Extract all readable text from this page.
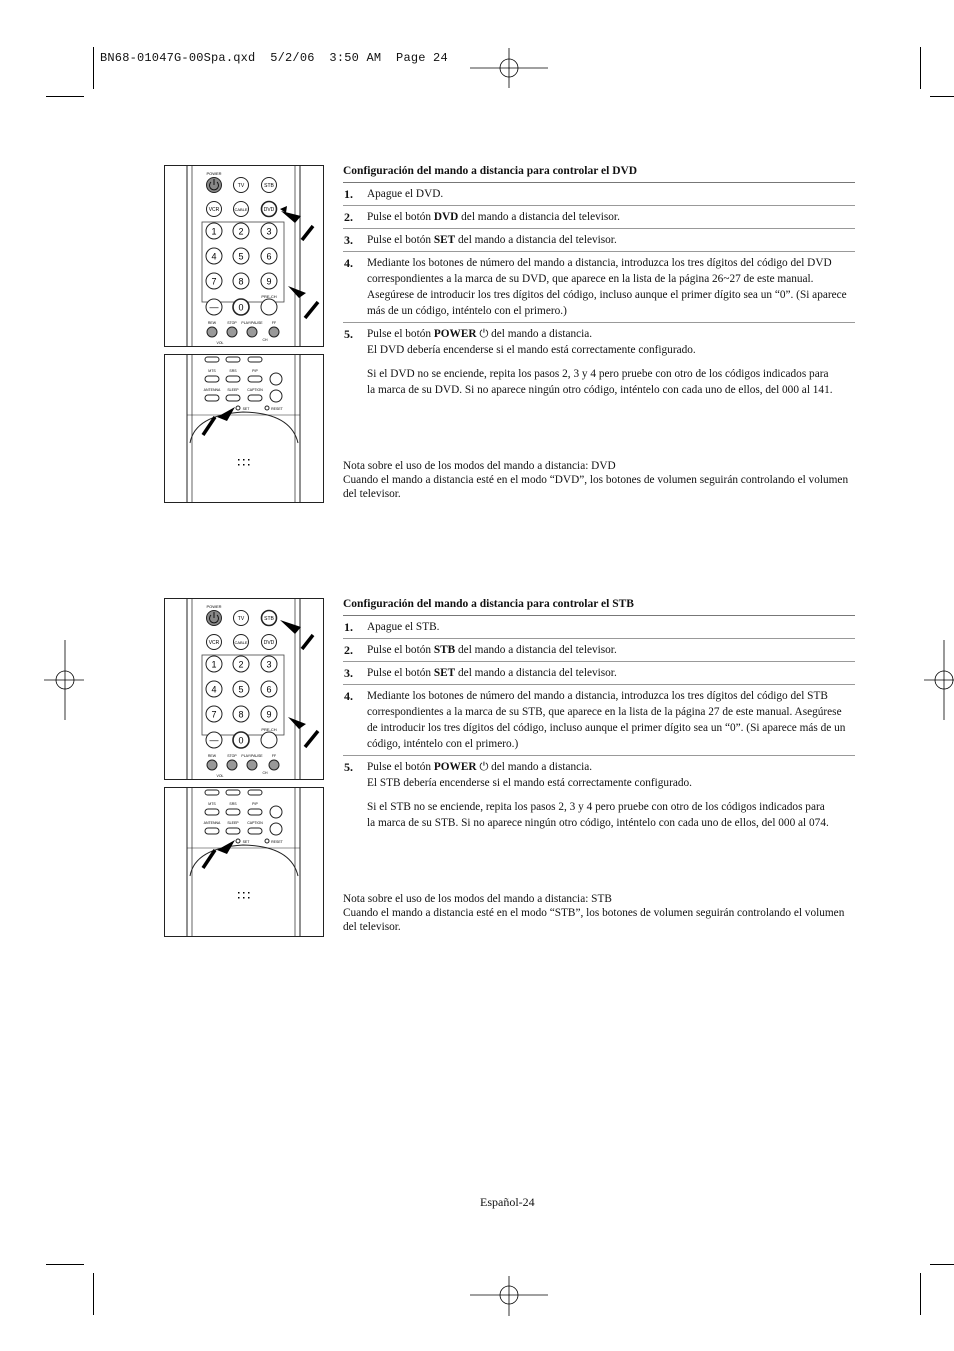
BN68-01047G-00Spa.qxd  5/2/06  3:50 AM  Page 24
POWER
TV	STB
VCR	CABLE	DVD
1 2	3
4 5	6
7 8	9
— 0
PRE-CH
REW	STOP PLAY/PAUSE	FF
VOL
CH
MTS	SRS	PIP
ANTENNA SLEEP CAPTION
SET	RESET
Configuración del mando a distancia para controlar el DVD
1.	Apague el DVD.
2.	Pulse el botón DVD del mando a distancia del televisor.
3.	Pulse el botón SET del mando a distancia del televisor.
4.	Mediante los botones de número del mando a distancia, introduzca los tres dígitos del código del DVD correspondientes a la marca de su DVD, que aparece en la lista de la página 26~27 de este manual. Asegúrese de introducir los tres dígitos del código, incluso aunque el primer dígito sea un “0”. (Si aparece más de un código, inténtelo con el primero.)
5.	Pulse el botón POWER ⏻ del mando a distancia.

El DVD debería encenderse si el mando está correctamente configurado.

Si el DVD no se enciende, repita los pasos 2, 3 y 4 pero pruebe con otro de los códigos indicados para la marca de su DVD. Si no aparece ningún otro código, inténtelo con cada uno de ellos, del 000 al 141.

Nota sobre el uso de los modos del mando a distancia: DVD
Cuando el mando a distancia esté en el modo “DVD”, los botones de volumen seguirán controlando el volumen del televisor.
POWER
TV	STB
VCR	CABLE	DVD
1 2	3
4 5	6
7 8	9
— 0
PRE-CH
REW	STOP PLAY/PAUSE	FF
VOL
CH
MTS	SRS	PIP
ANTENNA SLEEP CAPTION
SET	RESET
Configuración del mando a distancia para controlar el STB
1.	Apague el STB.
2.	Pulse el botón STB del mando a distancia del televisor.
3.	Pulse el botón SET del mando a distancia del televisor.
4.	Mediante los botones de número del mando a distancia, introduzca los tres dígitos del código del STB correspondientes a la marca de su STB, que aparece en la lista de la página 27 de este manual. Asegúrese de introducir los tres dígitos del código, incluso aunque el primer dígito sea un “0”. (Si aparece más de un código, inténtelo con el primero.)
5.	Pulse el botón POWER ⏻ del mando a distancia.

El STB debería encenderse si el mando está correctamente configurado.

Si el STB no se enciende, repita los pasos 2, 3 y 4 pero pruebe con otro de los códigos indicados para la marca de su STB. Si no aparece ningún otro código, inténtelo con cada uno de ellos, del 000 al 074.

Nota sobre el uso de los modos del mando a distancia: STB
Cuando el mando a distancia esté en el modo “STB”, los botones de volumen seguirán controlando el volumen del televisor.
Español-24
